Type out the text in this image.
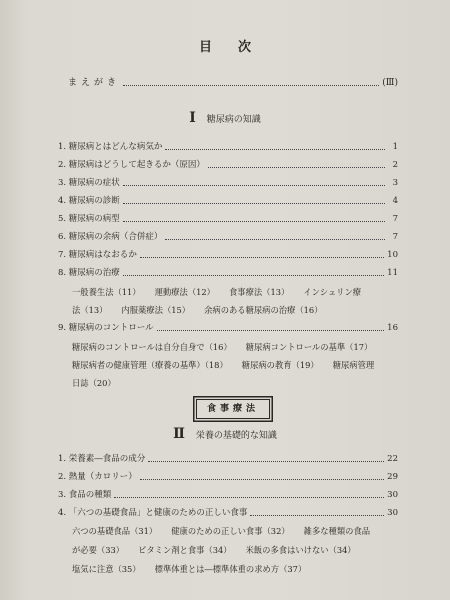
目次
まえがき	(Ⅲ)
Ⅰ 糖尿病の知識
1. 糖尿病とはどんな病気か	1
2. 糖尿病はどうして起きるか（原因）	2
3. 糖尿病の症状	3
4. 糖尿病の診断	4
5. 糖尿病の病型	7
6. 糖尿病の余病（合併症）	7
7. 糖尿病はなおるか	10
8. 糖尿病の治療	11
一般養生法（11） 運動療法（12） 食事療法（13） インシュリン療
法（13） 内服薬療法（15） 余病のある糖尿病の治療（16）
9. 糖尿病のコントロール	16
糖尿病のコントロールは自分自身で（16） 糖尿病コントロールの基準（17）
糖尿病者の健康管理（療養の基準）（18） 糖尿病の教育（19） 糖尿病管理
日誌（20）
食事療法
Ⅱ 栄養の基礎的な知識
1. 栄養素―食品の成分	22
2. 熱量（カロリー）	29
3. 食品の種類	30
4. 「六つの基礎食品」と健康のための正しい食事	30
六つの基礎食品（31） 健康のための正しい食事（32） 雑多な種類の食品
が必要（33） ビタミン剤と食事（34） 米飯の多食はいけない（34）
塩気に注意（35） 標準体重とは―標準体重の求め方（37）
